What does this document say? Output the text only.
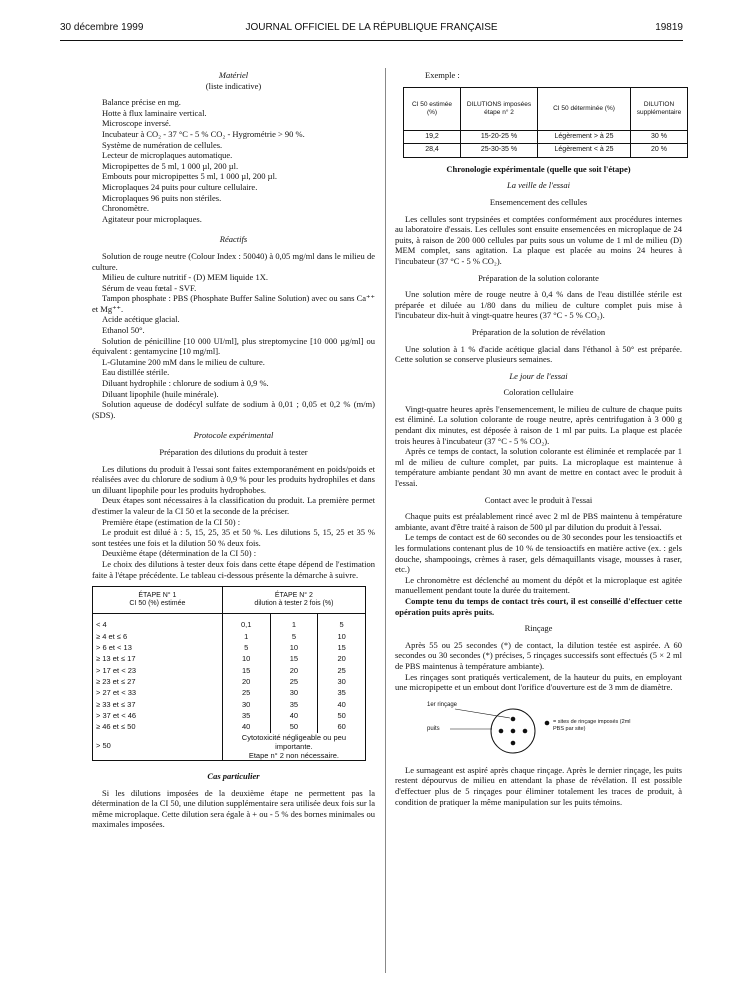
30 décembre 1999	JOURNAL OFFICIEL DE LA RÉPUBLIQUE FRANÇAISE	19819

Matériel

(liste indicative)

Balance précise en mg.

Hotte à flux laminaire vertical.

Microscope inversé.

Incubateur à CO₂ - 37 °C - 5 % CO₂ - Hygrométrie > 90 %.

Système de numération de cellules.

Lecteur de microplaques automatique.

Micropipettes de 5 ml, 1 000 µl, 200 µl.

Embouts pour micropipettes 5 ml, 1 000 µl, 200 µl.

Microplaques 24 puits pour culture cellulaire.

Microplaques 96 puits non stériles.

Chronomètre.

Agitateur pour microplaques.

Réactifs

Solution de rouge neutre (Colour Index : 50040) à 0,05 mg/ml dans le milieu de culture.

Milieu de culture nutritif - (D) MEM liquide 1X.

Sérum de veau fœtal - SVF.

Tampon phosphate : PBS (Phosphate Buffer Saline Solution) avec ou sans Ca⁺⁺ et Mg⁺⁺.

Acide acétique glacial.

Ethanol 50°.

Solution de pénicilline [10 000 UI/ml], plus streptomycine [10 000 µg/ml] ou équivalent : gentamycine [10 mg/ml].

L-Glutamine 200 mM dans le milieu de culture.

Eau distillée stérile.

Diluant hydrophile : chlorure de sodium à 0,9 %.

Diluant lipophile (huile minérale).

Solution aqueuse de dodécyl sulfate de sodium à 0,01 ; 0,05 et 0,2 % (m/m) (SDS).

Protocole expérimental

Préparation des dilutions du produit à tester

Les dilutions du produit à l'essai sont faites extemporanément en poids/poids et réalisées avec du chlorure de sodium à 0,9 % pour les produits hydrophiles et dans un diluant lipophile pour les produits hydrophobes.

Deux étapes sont nécessaires à la classification du produit. La première permet d'estimer la valeur de la CI 50 et la seconde de la préciser.

Première étape (estimation de la CI 50) :

Le produit est dilué à : 5, 15, 25, 35 et 50 %. Les dilutions 5, 15, 25 et 35 % sont testées une fois et la dilution 50 % deux fois.

Deuxième étape (détermination de la CI 50) :

Le choix des dilutions à tester deux fois dans cette étape dépend de l'estimation faite à l'étape précédente. Le tableau ci-dessous présente la démarche à suivre.

ÉTAPE N° 1
CI 50 (%) estimée	ÉTAPE N° 2
dilution à tester 2 fois (%)		

< 4	0,1	1	5
≥ 4 et ≤ 6	1	5	10
> 6 et < 13	5	10	15
≥ 13 et ≤ 17	10	15	20
> 17 et < 23	15	20	25
≥ 23 et ≤ 27	20	25	30
> 27 et < 33	25	30	35
≥ 33 et ≤ 37	30	35	40
> 37 et < 46	35	40	50
≥ 46 et ≤ 50	40	50	60
> 50	Cytotoxicité négligeable ou peu importante.
Etape n° 2 non nécessaire.		

Cas particulier

Si les dilutions imposées de la deuxième étape ne permettent pas la détermination de la CI 50, une dilution supplémentaire sera utilisée deux fois sur la même microplaque. Cette dilution sera égale à + ou - 5 % des bornes minimales ou maximales imposées.

Exemple :

CI 50 estimée (%)	DILUTIONS imposées étape n° 2	CI 50 déterminée (%)	DILUTION supplémentaire
19,2	15-20-25 %	Légèrement > à 25	30 %
28,4	25-30-35 %	Légèrement < à 25	20 %

Chronologie expérimentale (quelle que soit l'étape)

La veille de l'essai

Ensemencement des cellules

Les cellules sont trypsinées et comptées conformément aux procédures internes au laboratoire d'essais. Les cellules sont ensuite ensemencées en microplaque de 24 puits, à raison de 200 000 cellules par puits sous un volume de 1 ml de milieu (D) MEM complet, sans agitation. La plaque est placée au moins 24 heures à l'incubateur (37 °C - 5 % CO₂).

Préparation de la solution colorante

Une solution mère de rouge neutre à 0,4 % dans de l'eau distillée stérile est préparée et diluée au 1/80 dans du milieu de culture complet puis mise à l'incubateur dix-huit à vingt-quatre heures (37 °C - 5 % CO₂).

Préparation de la solution de révélation

Une solution à 1 % d'acide acétique glacial dans l'éthanol à 50° est préparée. Cette solution se conserve plusieurs semaines.

Le jour de l'essai

Coloration cellulaire

Vingt-quatre heures après l'ensemencement, le milieu de culture de chaque puits est éliminé. La solution colorante de rouge neutre, après centrifugation à 3 000 g pendant dix minutes, est déposée à raison de 1 ml par puits. La plaque est placée trois heures à l'incubateur (37 °C - 5 % CO₂).

Après ce temps de contact, la solution colorante est éliminée et remplacée par 1 ml de milieu de culture complet, par puits. La microplaque est maintenue à température ambiante pendant 30 mn avant de mettre en contact avec le produit à l'essai.

Contact avec le produit à l'essai

Chaque puits est préalablement rincé avec 2 ml de PBS maintenu à température ambiante, avant d'être traité à raison de 500 µl par dilution du produit à l'essai.

Le temps de contact est de 60 secondes ou de 30 secondes pour les tensioactifs et les formulations contenant plus de 10 % de tensioactifs en matière active (ex. : gels douche, shampooings, crèmes à raser, gels démaquillants visage, mousses à raser, etc.)

Le chronomètre est déclenché au moment du dépôt et la microplaque est agitée manuellement pendant toute la durée du traitement.

Compte tenu du temps de contact très court, il est conseillé d'effectuer cette opération puits après puits.

Rinçage

Après 55 ou 25 secondes (*) de contact, la dilution testée est aspirée. A 60 secondes ou 30 secondes (*) précises, 5 rinçages successifs sont effectués (5 × 2 ml de PBS maintenus à température ambiante).

Les rinçages sont pratiqués verticalement, de la hauteur du puits, en employant une micropipette et un embout dont l'orifice d'ouverture est de 3 mm de diamètre.

1er rinçage
puits
= sites de rinçage imposés (2ml PBS par site)

Le surnageant est aspiré après chaque rinçage. Après le dernier rinçage, les puits restent dépourvus de milieu en attendant la phase de révélation. Il est possible d'effectuer plus de 5 rinçages pour éliminer totalement les traces de produit, à condition de pratiquer la même manipulation sur les puits témoins.
